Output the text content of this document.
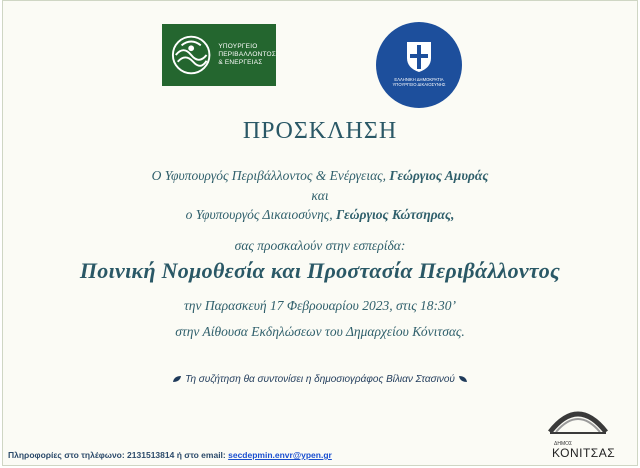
ΥΠΟΥΡΓΕΙΟ
ΠΕΡΙΒΑΛΛΟΝΤΟΣ
& ΕΝΕΡΓΕΙΑΣ
ΕΛΛΗΝΙΚΗ ΔΗΜΟΚΡΑΤΙΑ
ΥΠΟΥΡΓΕΙΟ ΔΙΚΑΙΟΣΥΝΗΣ
ΠΡΟΣΚΛΗΣΗ
Ο Υφυπουργός Περιβάλλοντος & Ενέργειας, Γεώργιος Αμυράς
και
ο Υφυπουργός Δικαιοσύνης, Γεώργιος Κώτσηρας,
σας προσκαλούν στην εσπερίδα:
Ποινική Νομοθεσία και Προστασία Περιβάλλοντος
την Παρασκευή 17 Φεβρουαρίου 2023, στις 18:30’
στην Αίθουσα Εκδηλώσεων του Δημαρχείου Κόνιτσας.
Τη συζήτηση θα συντονίσει η δημοσιογράφος Βίλιαν Στασινού
Πληροφορίες στο τηλέφωνο: 2131513814 ή στο email: secdepmin.envr@ypen.gr
ΔΗΜΟΣ
ΚΟΝΙΤΣΑΣ
